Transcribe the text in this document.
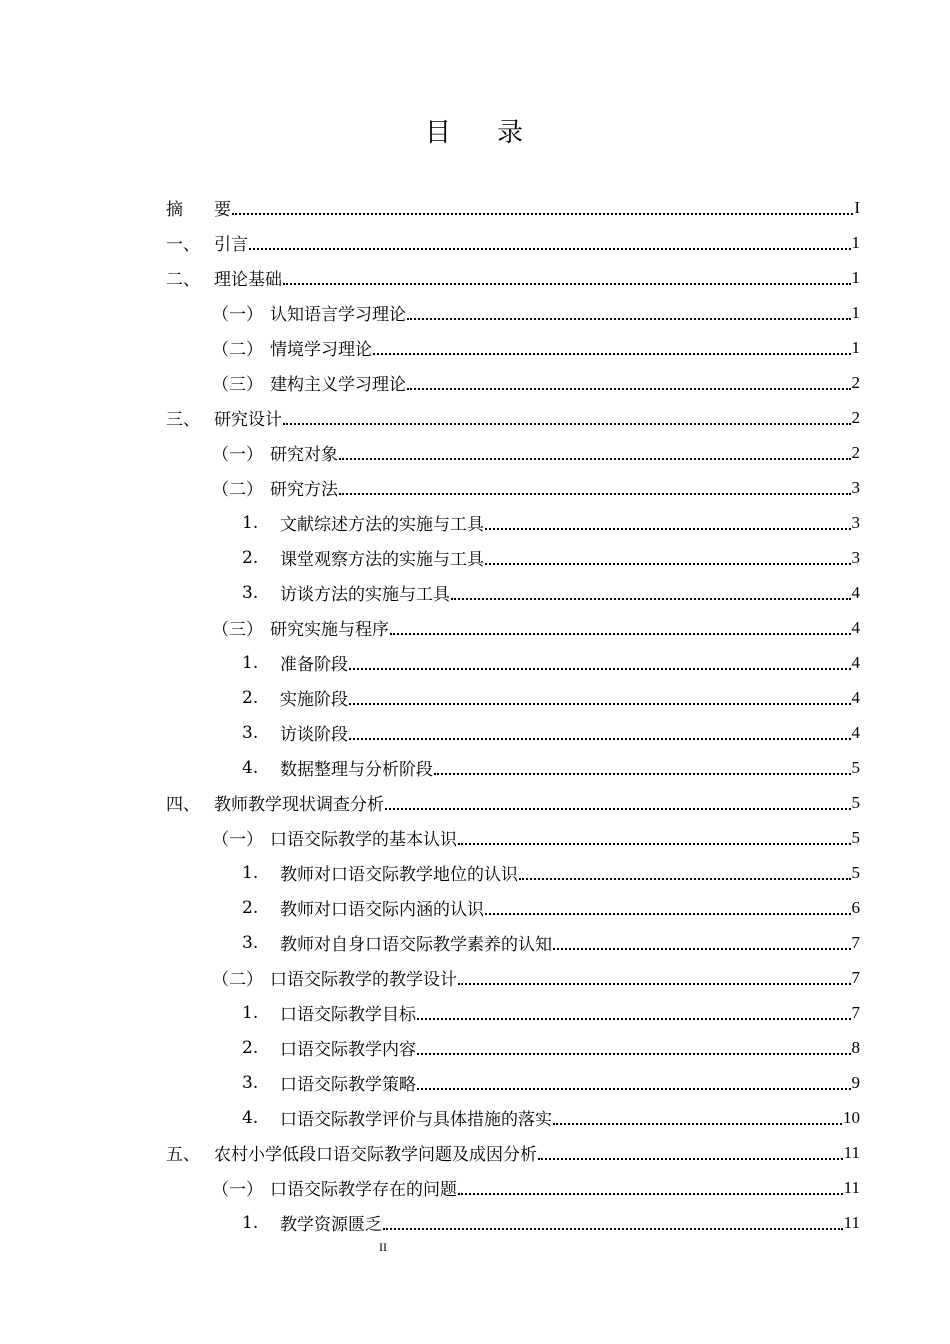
目 录
摘	要	I
一、 引言	1
二、 理论基础	1
（一） 认知语言学习理论	1
（二） 情境学习理论	1
（三） 建构主义学习理论	2
三、 研究设计	2
（一） 研究对象	2
（二） 研究方法	3
1.	文献综述方法的实施与工具	3
2.	课堂观察方法的实施与工具	3
3.	访谈方法的实施与工具	4
（三） 研究实施与程序	4
1.	准备阶段	4
2.	实施阶段	4
3.	访谈阶段	4
4.	数据整理与分析阶段	5
四、 教师教学现状调查分析	5
（一） 口语交际教学的基本认识	5
1.	教师对口语交际教学地位的认识	5
2.	教师对口语交际内涵的认识	6
3.	教师对自身口语交际教学素养的认知	7
（二） 口语交际教学的教学设计	7
1.	口语交际教学目标	7
2.	口语交际教学内容	8
3.	口语交际教学策略	9
4.	口语交际教学评价与具体措施的落实	10
五、 农村小学低段口语交际教学问题及成因分析	11
（一） 口语交际教学存在的问题	11
1.	教学资源匮乏	11
II
